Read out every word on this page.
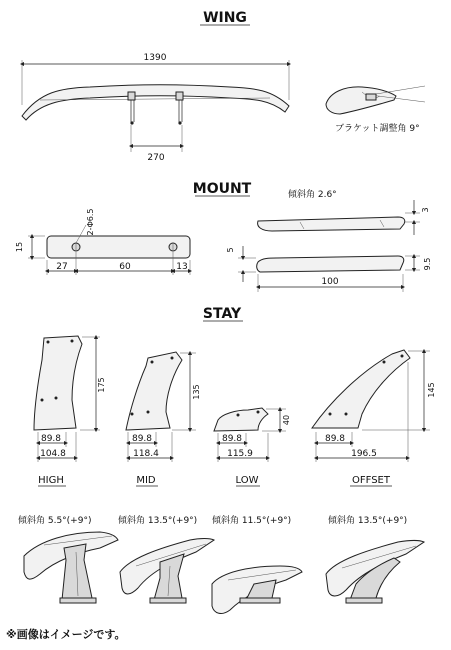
WING
1390
270
ブラケット調整角 9°
MOUNT
2-Φ6.5
15
27	60	13
傾斜角 2.6°
3
5
9.5
100
STAY
175
89.8
104.8
HIGH
135
89.8
118.4
MID
40
89.8
115.9
LOW
145
89.8
196.5
OFFSET
傾斜角 5.5°(+9°)	傾斜角 13.5°(+9°) 傾斜角 11.5°(+9°)	傾斜角 13.5°(+9°)
※画像はイメージです。
